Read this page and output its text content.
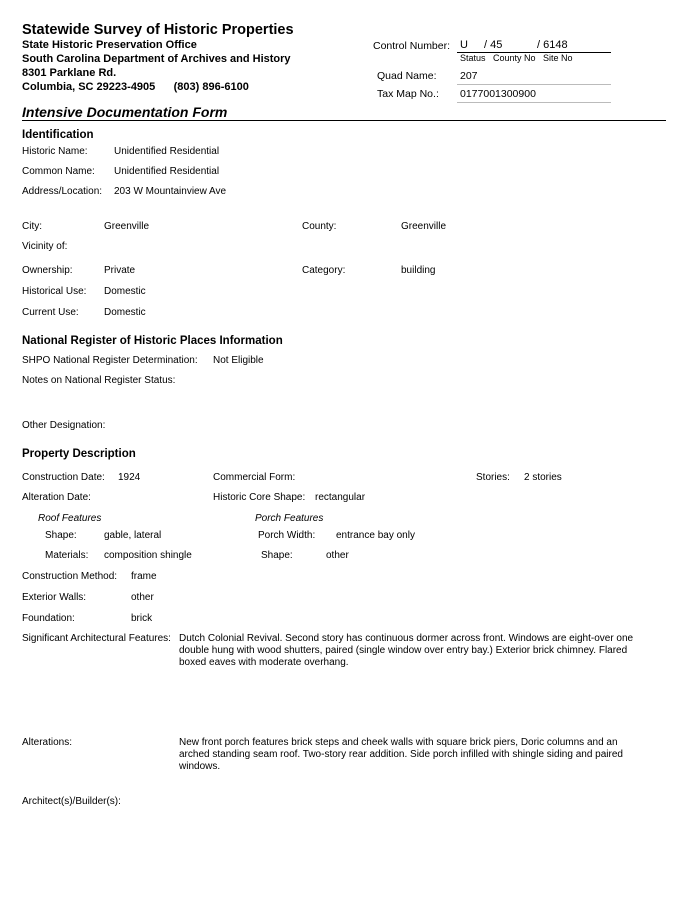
Statewide Survey of Historic Properties
State Historic Preservation Office
South Carolina Department of Archives and History
8301 Parklane Rd.
Columbia, SC 29223-4905      (803) 896-6100
Control Number: U / 45	/ 6148
Status   County No   Site No
Quad Name: 207
Tax Map No.: 0177001300900
Intensive Documentation Form
Identification
Historic Name:	Unidentified Residential
Common Name: Unidentified Residential
Address/Location: 203 W Mountainview Ave
City:	Greenville	County:	Greenville
Vicinity of:
Ownership:	Private	Category:	building
Historical Use: Domestic
Current Use:	Domestic
National Register of Historic Places Information
SHPO National Register Determination: Not Eligible
Notes on National Register Status:
Other Designation:
Property Description
Construction Date: 1924	Commercial Form:	Stories: 2 stories
Alteration Date:	Historic Core Shape: rectangular
Roof Features	Porch Features
Shape:	gable, lateral	Porch Width: entrance bay only
Materials: composition shingle	Shape:	other
Construction Method: frame
Exterior Walls:	other
Foundation:	brick
Significant Architectural Features: Dutch Colonial Revival. Second story has continuous dormer across front. Windows are eight-over one double hung with wood shutters, paired (single window over entry bay.) Exterior brick chimney. Flared boxed eaves with moderate overhang.
Alterations:	New front porch features brick steps and cheek walls with square brick piers, Doric columns and an arched standing seam roof. Two-story rear addition. Side porch infilled with shingle siding and paired windows.
Architect(s)/Builder(s):
